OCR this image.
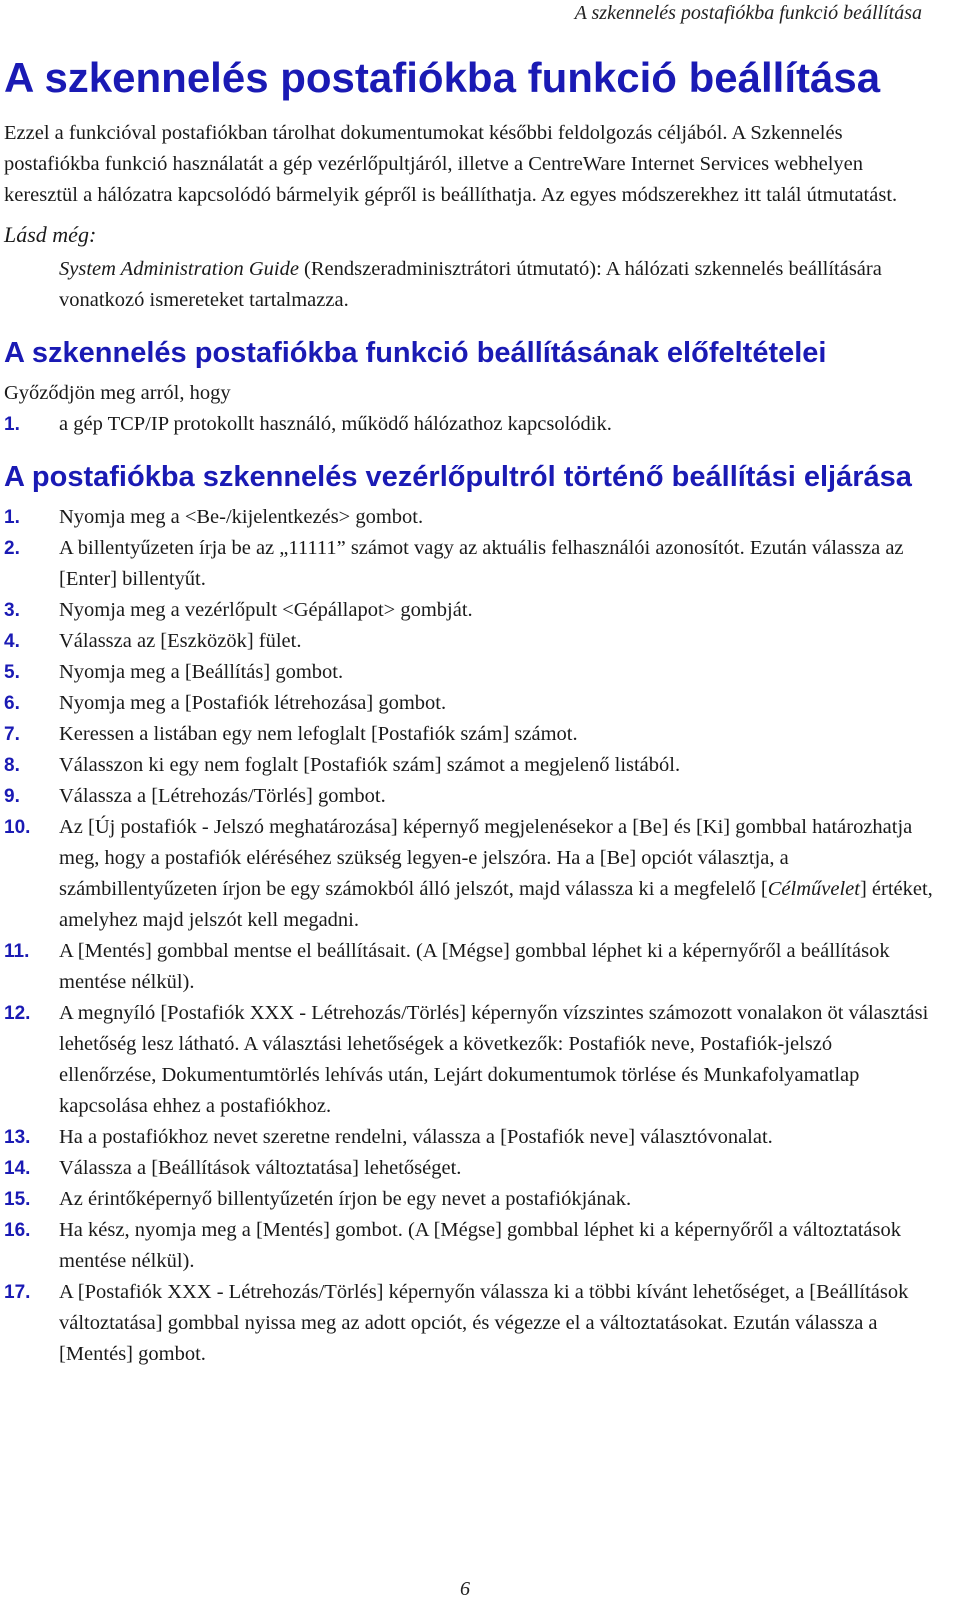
A szkennelés postafiókba funkció beállítása
A szkennelés postafiókba funkció beállítása

Ezzel a funkcióval postafiókban tárolhat dokumentumokat későbbi feldolgozás céljából. A Szkennelés postafiókba funkció használatát a gép vezérlőpultjáról, illetve a CentreWare Internet Services webhelyen keresztül a hálózatra kapcsolódó bármelyik gépről is beállíthatja. Az egyes módszerekhez itt talál útmutatást.

Lásd még:
System Administration Guide (Rendszeradminisztrátori útmutató): A hálózati szkennelés beállítására vonatkozó ismereteket tartalmazza.
A szkennelés postafiókba funkció beállításának előfeltételei

Győződjön meg arról, hogy

1. a gép TCP/IP protokollt használó, működő hálózathoz kapcsolódik.
A postafiókba szkennelés vezérlőpultról történő beállítási eljárása
1. Nyomja meg a <Be-/kijelentkezés> gombot.
2. A billentyűzeten írja be az „11111” számot vagy az aktuális felhasználói azonosítót. Ezután válassza az [Enter] billentyűt.
3. Nyomja meg a vezérlőpult <Gépállapot> gombját.
4. Válassza az [Eszközök] fület.
5. Nyomja meg a [Beállítás] gombot.
6. Nyomja meg a [Postafiók létrehozása] gombot.
7. Keressen a listában egy nem lefoglalt [Postafiók szám] számot.
8. Válasszon ki egy nem foglalt [Postafiók szám] számot a megjelenő listából.
9. Válassza a [Létrehozás/Törlés] gombot.
10. Az [Új postafiók - Jelszó meghatározása] képernyő megjelenésekor a [Be] és [Ki] gombbal határozhatja meg, hogy a postafiók eléréséhez szükség legyen-e jelszóra. Ha a [Be] opciót választja, a számbillentyűzeten írjon be egy számokból álló jelszót, majd válassza ki a megfelelő [Célművelet] értéket, amelyhez majd jelszót kell megadni.
11. A [Mentés] gombbal mentse el beállításait. (A [Mégse] gombbal léphet ki a képernyőről a beállítások mentése nélkül).
12. A megnyíló [Postafiók XXX - Létrehozás/Törlés] képernyőn vízszintes számozott vonalakon öt választási lehetőség lesz látható. A választási lehetőségek a következők: Postafiók neve, Postafiók-jelszó ellenőrzése, Dokumentumtörlés lehívás után, Lejárt dokumentumok törlése és Munkafolyamatlap kapcsolása ehhez a postafiókhoz.
13. Ha a postafiókhoz nevet szeretne rendelni, válassza a [Postafiók neve] választóvonalat.
14. Válassza a [Beállítások változtatása] lehetőséget.
15. Az érintőképernyő billentyűzetén írjon be egy nevet a postafiókjának.
16. Ha kész, nyomja meg a [Mentés] gombot. (A [Mégse] gombbal léphet ki a képernyőről a változtatások mentése nélkül).
17. A [Postafiók XXX - Létrehozás/Törlés] képernyőn válassza ki a többi kívánt lehetőséget, a [Beállítások változtatása] gombbal nyissa meg az adott opciót, és végezze el a változtatásokat. Ezután válassza a [Mentés] gombot.
6
